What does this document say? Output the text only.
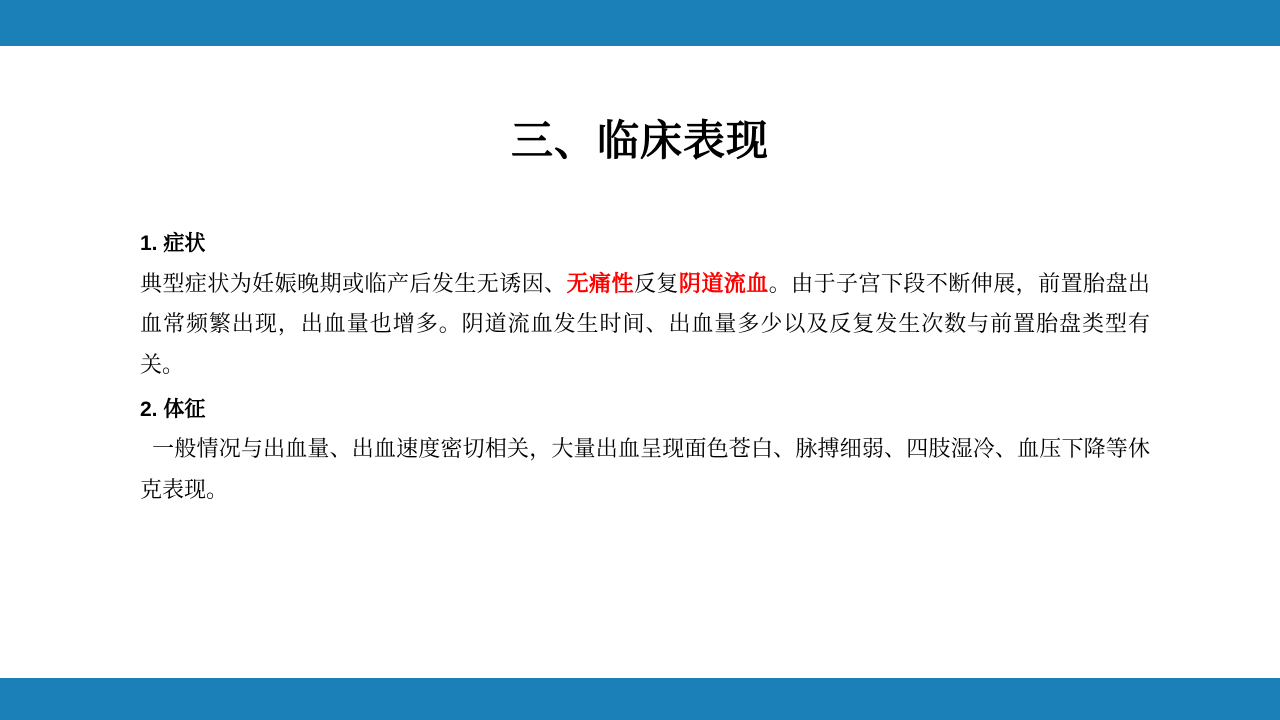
三、临床表现
1. 症状
典型症状为妊娠晚期或临产后发生无诱因、无痛性反复阴道流血。由于子宫下段不断伸展，前置胎盘出血常频繁出现，出血量也增多。阴道流血发生时间、出血量多少以及反复发生次数与前置胎盘类型有关。
2. 体征
一般情况与出血量、出血速度密切相关，大量出血呈现面色苍白、脉搏细弱、四肢湿冷、血压下降等休克表现。
